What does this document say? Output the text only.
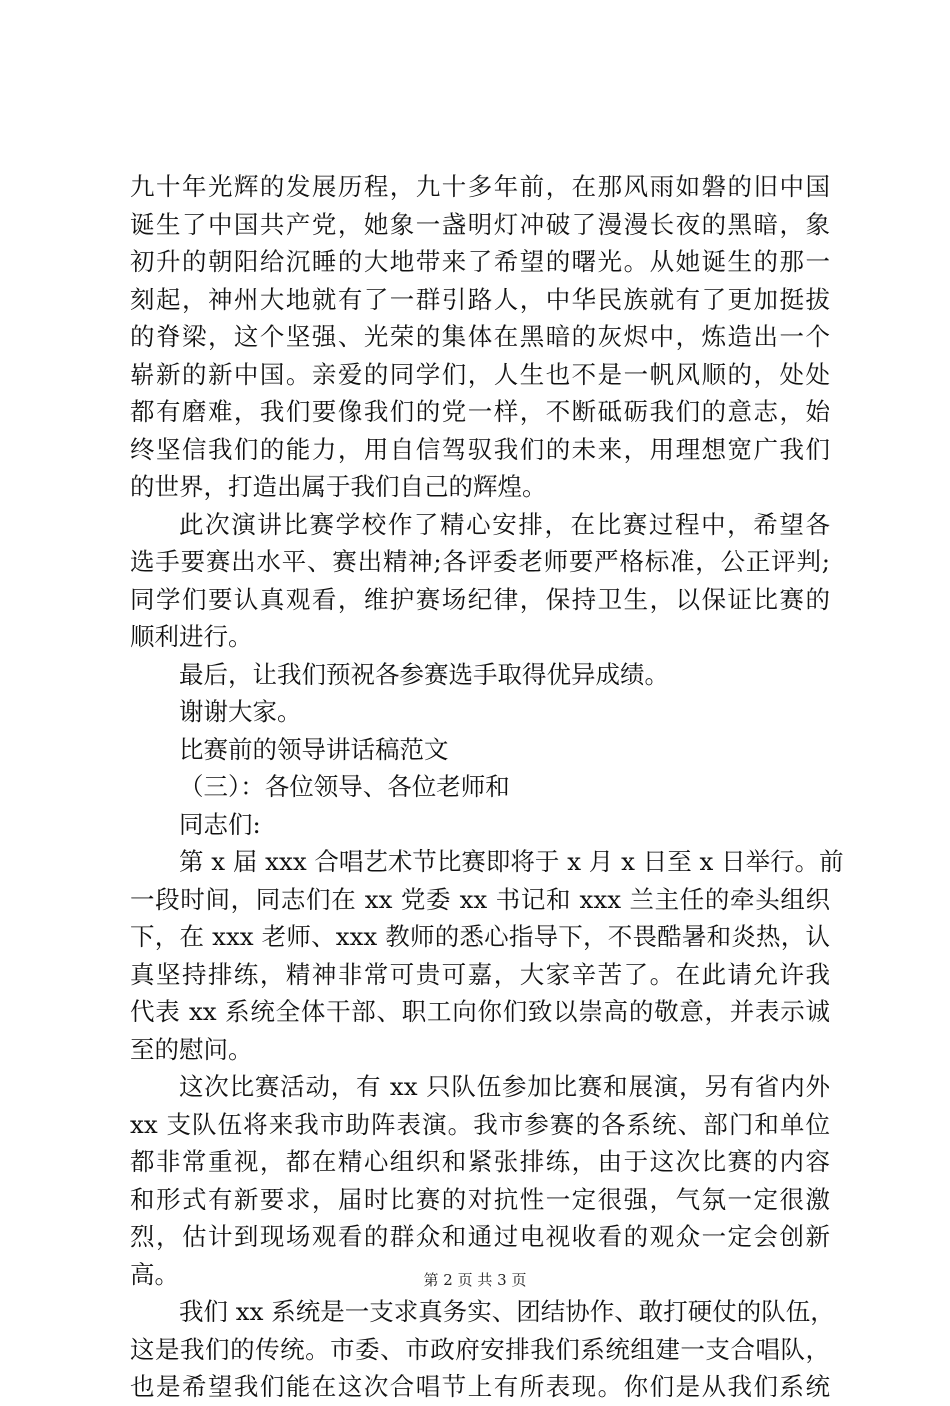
九十年光辉的发展历程，九十多年前，在那风雨如磐的旧中国
诞生了中国共产党，她象一盏明灯冲破了漫漫长夜的黑暗，象
初升的朝阳给沉睡的大地带来了希望的曙光。从她诞生的那一
刻起，神州大地就有了一群引路人，中华民族就有了更加挺拔
的脊梁，这个坚强、光荣的集体在黑暗的灰烬中，炼造出一个
崭新的新中国。亲爱的同学们，人生也不是一帆风顺的，处处
都有磨难，我们要像我们的党一样，不断砥砺我们的意志，始
终坚信我们的能力，用自信驾驭我们的未来，用理想宽广我们
的世界，打造出属于我们自己的辉煌。
此次演讲比赛学校作了精心安排，在比赛过程中，希望各
选手要赛出水平、赛出精神;各评委老师要严格标准，公正评判;
同学们要认真观看，维护赛场纪律，保持卫生，以保证比赛的
顺利进行。
最后，让我们预祝各参赛选手取得优异成绩。
谢谢大家。
比赛前的领导讲话稿范文
（三）：各位领导、各位老师和
同志们:
第 x 届 xxx 合唱艺术节比赛即将于 x 月 x 日至 x 日举行。前
一段时间，同志们在 xx 党委 xx 书记和 xxx 兰主任的牵头组织
下，在 xxx 老师、xxx 教师的悉心指导下，不畏酷暑和炎热，认
真坚持排练，精神非常可贵可嘉，大家辛苦了。在此请允许我
代表 xx 系统全体干部、职工向你们致以崇高的敬意，并表示诚
至的慰问。
这次比赛活动，有 xx 只队伍参加比赛和展演，另有省内外
xx 支队伍将来我市助阵表演。我市参赛的各系统、部门和单位
都非常重视，都在精心组织和紧张排练，由于这次比赛的内容
和形式有新要求，届时比赛的对抗性一定很强，气氛一定很激
烈，估计到现场观看的群众和通过电视收看的观众一定会创新
高。
我们 xx 系统是一支求真务实、团结协作、敢打硬仗的队伍，
这是我们的传统。市委、市政府安排我们系统组建一支合唱队，
也是希望我们能在这次合唱节上有所表现。你们是从我们系统
第 2 页 共 3 页
